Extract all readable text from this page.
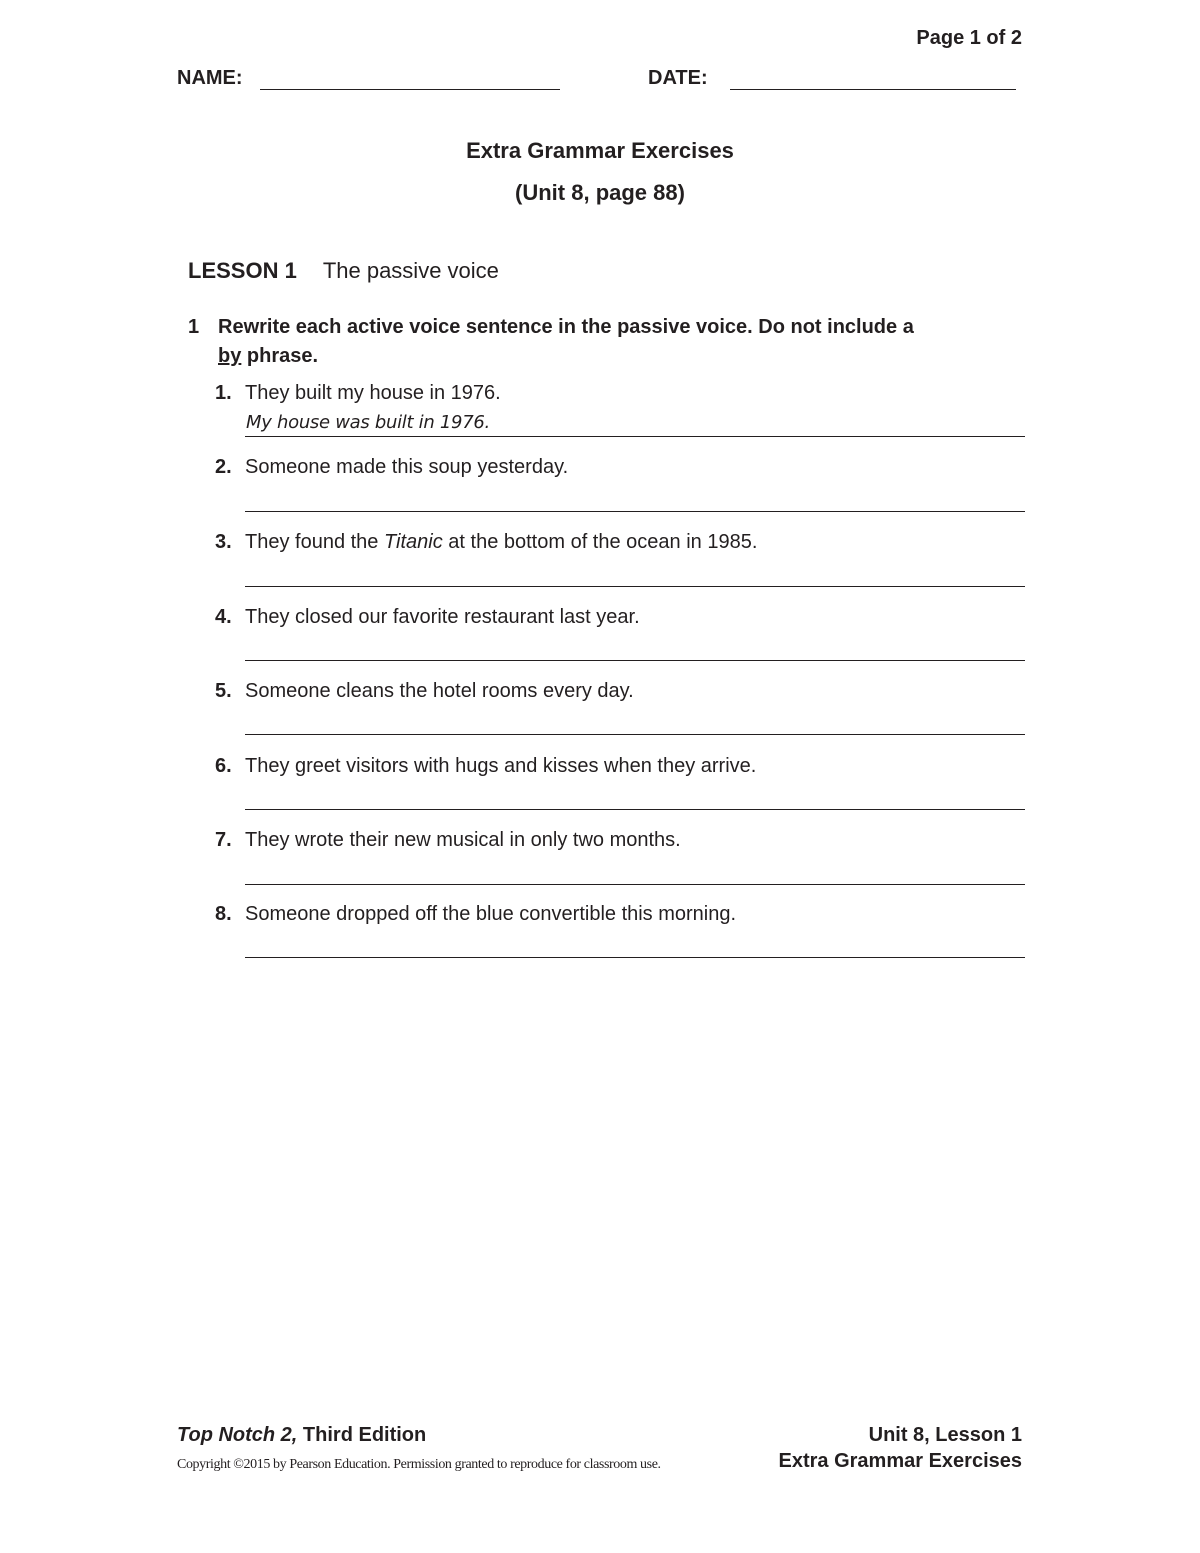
Page 1 of 2
NAME:	DATE:
Extra Grammar Exercises
(Unit 8, page 88)
LESSON 1 The passive voice
1 Rewrite each active voice sentence in the passive voice. Do not include a
by phrase.
1. They built my house in 1976.
My house was built in 1976.
2. Someone made this soup yesterday.
3. They found the Titanic at the bottom of the ocean in 1985.
4. They closed our favorite restaurant last year.
5. Someone cleans the hotel rooms every day.
6. They greet visitors with hugs and kisses when they arrive.
7. They wrote their new musical in only two months.
8. Someone dropped off the blue convertible this morning.
Top Notch 2, Third Edition
Copyright ©2015 by Pearson Education. Permission granted to reproduce for classroom use.
Unit 8, Lesson 1
Extra Grammar Exercises
